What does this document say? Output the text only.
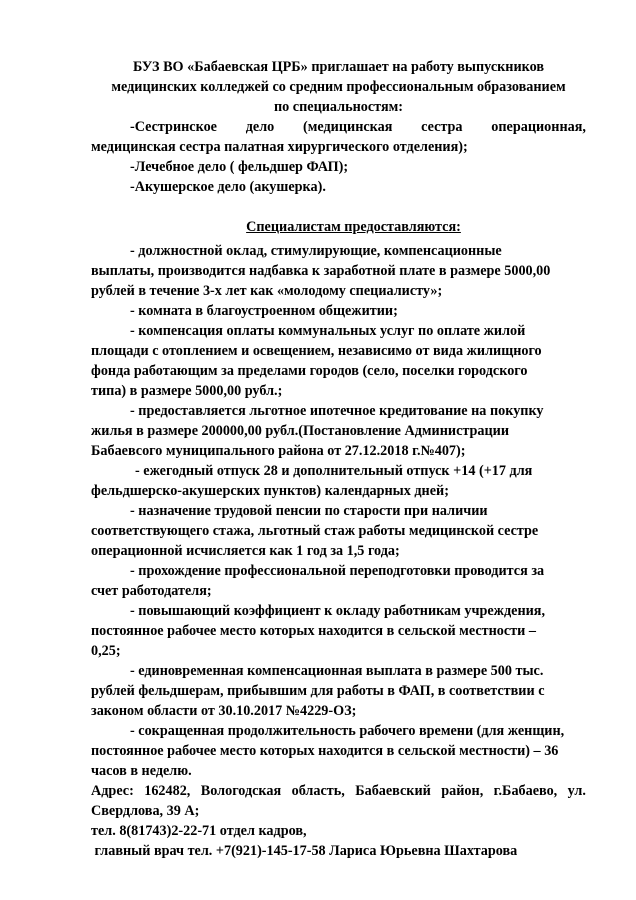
БУЗ ВО «Бабаевская ЦРБ» приглашает на работу выпускников
медицинских колледжей со средним профессиональным образованием
по специальностям:
-Сестринское дело (медицинская сестра операционная,
медицинская сестра палатная хирургического отделения);
-Лечебное дело ( фельдшер ФАП);
-Акушерское дело (акушерка).
Специалистам предоставляются:
- должностной оклад, стимулирующие, компенсационные
выплаты, производится надбавка к заработной плате в размере 5000,00
рублей в течение 3-х лет как «молодому специалисту»;
- комната в благоустроенном общежитии;
- компенсация оплаты коммунальных услуг по оплате жилой
площади с отоплением и освещением, независимо от вида жилищного
фонда работающим за пределами городов (село, поселки городского
типа) в размере 5000,00 рубл.;
- предоставляется льготное ипотечное кредитование на покупку
жилья в размере 200000,00 рубл.(Постановление Администрации
Бабаевсого муниципального района от 27.12.2018 г.№407);
- ежегодный отпуск 28 и дополнительный отпуск +14 (+17 для
фельдшерско-акушерских пунктов) календарных дней;
- назначение трудовой пенсии по старости при наличии
соответствующего стажа, льготный стаж работы медицинской сестре
операционной исчисляется как 1 год за 1,5 года;
- прохождение профессиональной переподготовки проводится за
счет работодателя;
- повышающий коэффициент к окладу работникам учреждения,
постоянное рабочее место которых находится в сельской местности –
0,25;
- единовременная компенсационная выплата в размере 500 тыс.
рублей фельдшерам, прибывшим для работы в ФАП, в соответствии с
законом области от 30.10.2017 №4229-ОЗ;
- сокращенная продолжительность рабочего времени (для женщин,
постоянное рабочее место которых находится в сельской местности) – 36
часов в неделю.
Адрес: 162482, Вологодская область, Бабаевский район, г.Бабаево, ул.
Свердлова, 39 А;
тел. 8(81743)2-22-71 отдел кадров,
главный врач тел. +7(921)-145-17-58 Лариса Юрьевна Шахтарова
